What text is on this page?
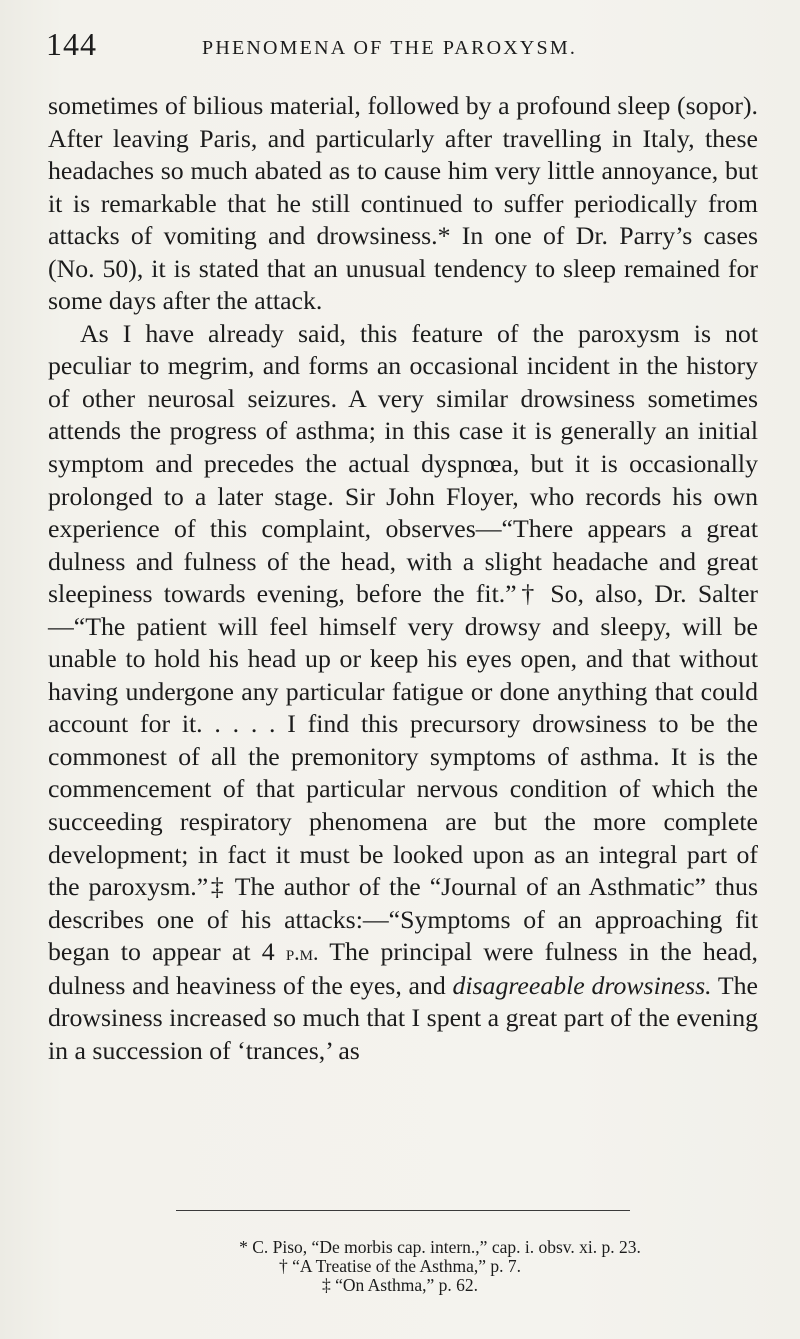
144	PHENOMENA OF THE PAROXYSM.

sometimes of bilious material, followed by a profound sleep (sopor). After leaving Paris, and particularly after travelling in Italy, these headaches so much abated as to cause him very little annoyance, but it is remarkable that he still continued to suffer periodically from attacks of vomiting and drowsiness.* In one of Dr. Parry’s cases (No. 50), it is stated that an unusual tendency to sleep remained for some days after the attack.

As I have already said, this feature of the paroxysm is not peculiar to megrim, and forms an occasional incident in the history of other neurosal seizures. A very similar drowsiness sometimes attends the progress of asthma; in this case it is generally an initial symptom and precedes the actual dyspnœa, but it is occasionally prolonged to a later stage. Sir John Floyer, who records his own experience of this complaint, observes—“There appears a great dulness and fulness of the head, with a slight headache and great sleepiness towards evening, before the fit.”† So, also, Dr. Salter—“The patient will feel himself very drowsy and sleepy, will be unable to hold his head up or keep his eyes open, and that without having undergone any particular fatigue or done anything that could account for it. . . . . I find this precursory drowsiness to be the commonest of all the premonitory symptoms of asthma. It is the commencement of that particular nervous condition of which the succeeding respiratory phenomena are but the more complete development; in fact it must be looked upon as an integral part of the paroxysm.”‡ The author of the “Journal of an Asthmatic” thus describes one of his attacks:—“Symptoms of an approaching fit began to appear at 4 p.m. The principal were fulness in the head, dulness and heaviness of the eyes, and disagreeable drowsiness. The drowsiness increased so much that I spent a great part of the evening in a succession of ‘trances,’ as

* C. Piso, “De morbis cap. intern.,” cap. i. obsv. xi. p. 23.
† “A Treatise of the Asthma,” p. 7.
‡ “On Asthma,” p. 62.
